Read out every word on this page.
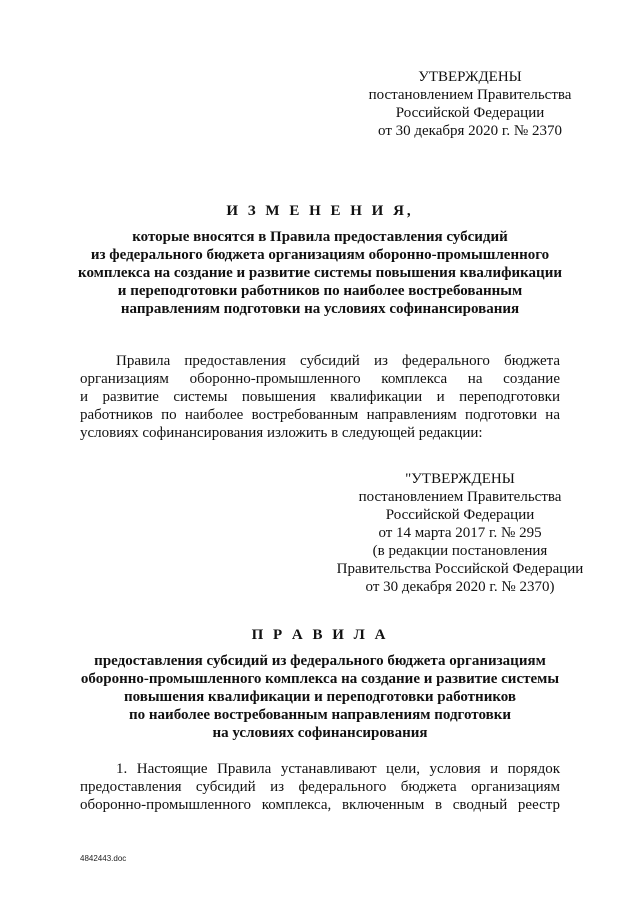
УТВЕРЖДЕНЫ
постановлением Правительства
Российской Федерации
от 30 декабря 2020 г. № 2370
И З М Е Н Е Н И Я,
которые вносятся в Правила предоставления субсидий
из федерального бюджета организациям оборонно-промышленного
комплекса на создание и развитие системы повышения квалификации
и переподготовки работников по наиболее востребованным
направлениям подготовки на условиях софинансирования
Правила предоставления субсидий из федерального бюджета
организациям оборонно-промышленного комплекса на создание
и развитие системы повышения квалификации и переподготовки
работников по наиболее востребованным направлениям подготовки на
условиях софинансирования изложить в следующей редакции:
"УТВЕРЖДЕНЫ
постановлением Правительства
Российской Федерации
от 14 марта 2017 г. № 295
(в редакции постановления
Правительства Российской Федерации
от 30 декабря 2020 г. № 2370)
П Р А В И Л А
предоставления субсидий из федерального бюджета организациям
оборонно-промышленного комплекса на создание и развитие системы
повышения квалификации и переподготовки работников
по наиболее востребованным направлениям подготовки
на условиях софинансирования
1. Настоящие Правила устанавливают цели, условия и порядок
предоставления субсидий из федерального бюджета организациям
оборонно-промышленного комплекса, включенным в сводный реестр
4842443.doc
